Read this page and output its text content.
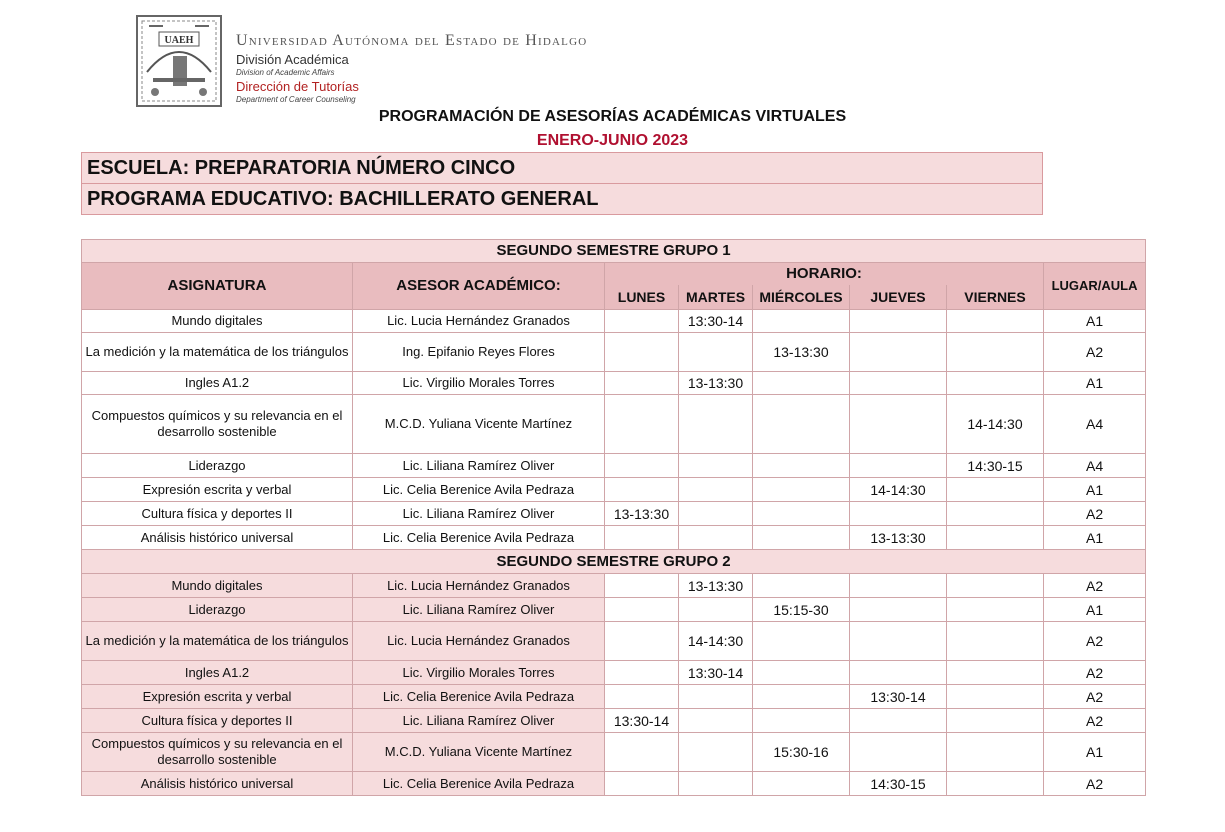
UAEH	Universidad Autónoma del Estado de Hidalgo
División Académica
Division of Academic Affairs
Dirección de Tutorías
Department of Career Counseling
PROGRAMACIÓN DE ASESORÍAS ACADÉMICAS VIRTUALES
ENERO-JUNIO 2023
ESCUELA: PREPARATORIA NÚMERO CINCO
PROGRAMA EDUCATIVO: BACHILLERATO GENERAL
SEGUNDO SEMESTRE GRUPO 1							
ASIGNATURA	ASESOR ACADÉMICO:	HORARIO:					LUGAR/AULA
		LUNES	MARTES	MIÉRCOLES	JUEVES	VIERNES	
Mundo digitales	Lic. Lucia Hernández Granados		13:30-14				A1
La medición y la matemática de los triángulos	Ing. Epifanio Reyes Flores			13-13:30			A2
Ingles A1.2	Lic. Virgilio Morales Torres		13-13:30				A1
Compuestos químicos y su relevancia en el desarrollo sostenible	M.C.D. Yuliana Vicente Martínez					14-14:30	A4
Liderazgo	Lic. Liliana Ramírez Oliver					14:30-15	A4
Expresión escrita y verbal	Lic. Celia Berenice Avila Pedraza				14-14:30		A1
Cultura física y deportes II	Lic. Liliana Ramírez Oliver	13-13:30					A2
Análisis histórico universal	Lic. Celia Berenice Avila Pedraza				13-13:30		A1
SEGUNDO SEMESTRE GRUPO 2							
Mundo digitales	Lic. Lucia Hernández Granados		13-13:30				A2
Liderazgo	Lic. Liliana Ramírez Oliver			15:15-30			A1
La medición y la matemática de los triángulos	Lic. Lucia Hernández Granados		14-14:30				A2
Ingles A1.2	Lic. Virgilio Morales Torres		13:30-14				A2
Expresión escrita y verbal	Lic. Celia Berenice Avila Pedraza				13:30-14		A2
Cultura física y deportes II	Lic. Liliana Ramírez Oliver	13:30-14					A2
Compuestos químicos y su relevancia en el desarrollo sostenible	M.C.D. Yuliana Vicente Martínez			15:30-16			A1
Análisis histórico universal	Lic. Celia Berenice Avila Pedraza				14:30-15		A2
